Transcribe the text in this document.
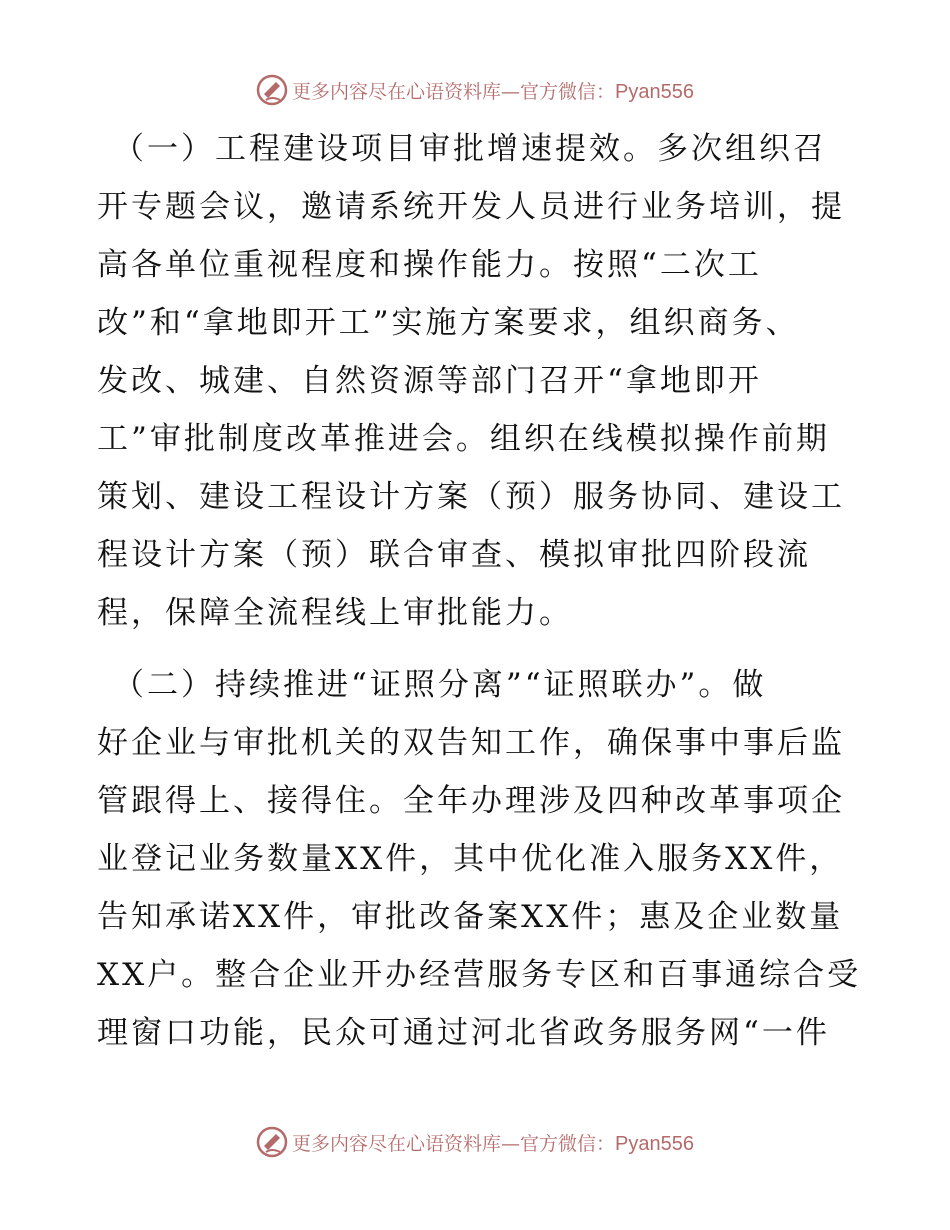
更多内容尽在心语资料库—官方微信：Pyan556

（一）工程建设项目审批增速提效。多次组织召
开专题会议，邀请系统开发人员进行业务培训，提
高各单位重视程度和操作能力。按照“二次工
改”和“拿地即开工”实施方案要求，组织商务、
发改、城建、自然资源等部门召开“拿地即开
工”审批制度改革推进会。组织在线模拟操作前期
策划、建设工程设计方案（预）服务协同、建设工
程设计方案（预）联合审查、模拟审批四阶段流
程，保障全流程线上审批能力。

（二）持续推进“证照分离”“证照联办”。做
好企业与审批机关的双告知工作，确保事中事后监
管跟得上、接得住。全年办理涉及四种改革事项企
业登记业务数量XX件，其中优化准入服务XX件，
告知承诺XX件，审批改备案XX件；惠及企业数量
XX户。整合企业开办经营服务专区和百事通综合受
理窗口功能，民众可通过河北省政务服务网“一件

更多内容尽在心语资料库—官方微信：Pyan556
